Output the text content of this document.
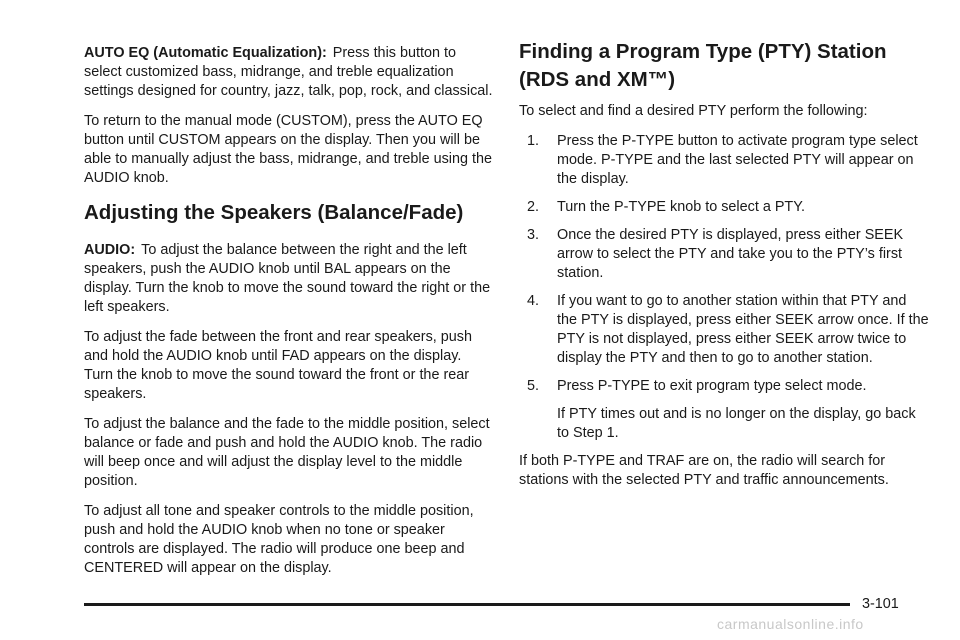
AUTO EQ (Automatic Equalization): Press this button to select customized bass, midrange, and treble equalization settings designed for country, jazz, talk, pop, rock, and classical.

To return to the manual mode (CUSTOM), press the AUTO EQ button until CUSTOM appears on the display. Then you will be able to manually adjust the bass, midrange, and treble using the AUDIO knob.

Adjusting the Speakers (Balance/Fade)

AUDIO: To adjust the balance between the right and the left speakers, push the AUDIO knob until BAL appears on the display. Turn the knob to move the sound toward the right or the left speakers.

To adjust the fade between the front and rear speakers, push and hold the AUDIO knob until FAD appears on the display. Turn the knob to move the sound toward the front or the rear speakers.

To adjust the balance and the fade to the middle position, select balance or fade and push and hold the AUDIO knob. The radio will beep once and will adjust the display level to the middle position.

To adjust all tone and speaker controls to the middle position, push and hold the AUDIO knob when no tone or speaker controls are displayed. The radio will produce one beep and CENTERED will appear on the display.

Finding a Program Type (PTY) Station (RDS and XM™)

To select and find a desired PTY perform the following:

1. Press the P-TYPE button to activate program type select mode. P-TYPE and the last selected PTY will appear on the display.
2. Turn the P-TYPE knob to select a PTY.
3. Once the desired PTY is displayed, press either SEEK arrow to select the PTY and take you to the PTY’s first station.
4. If you want to go to another station within that PTY and the PTY is displayed, press either SEEK arrow once. If the PTY is not displayed, press either SEEK arrow twice to display the PTY and then to go to another station.
5. Press P-TYPE to exit program type select mode.

If PTY times out and is no longer on the display, go back to Step 1.

If both P-TYPE and TRAF are on, the radio will search for stations with the selected PTY and traffic announcements.

3-101
carmanualsonline.info
